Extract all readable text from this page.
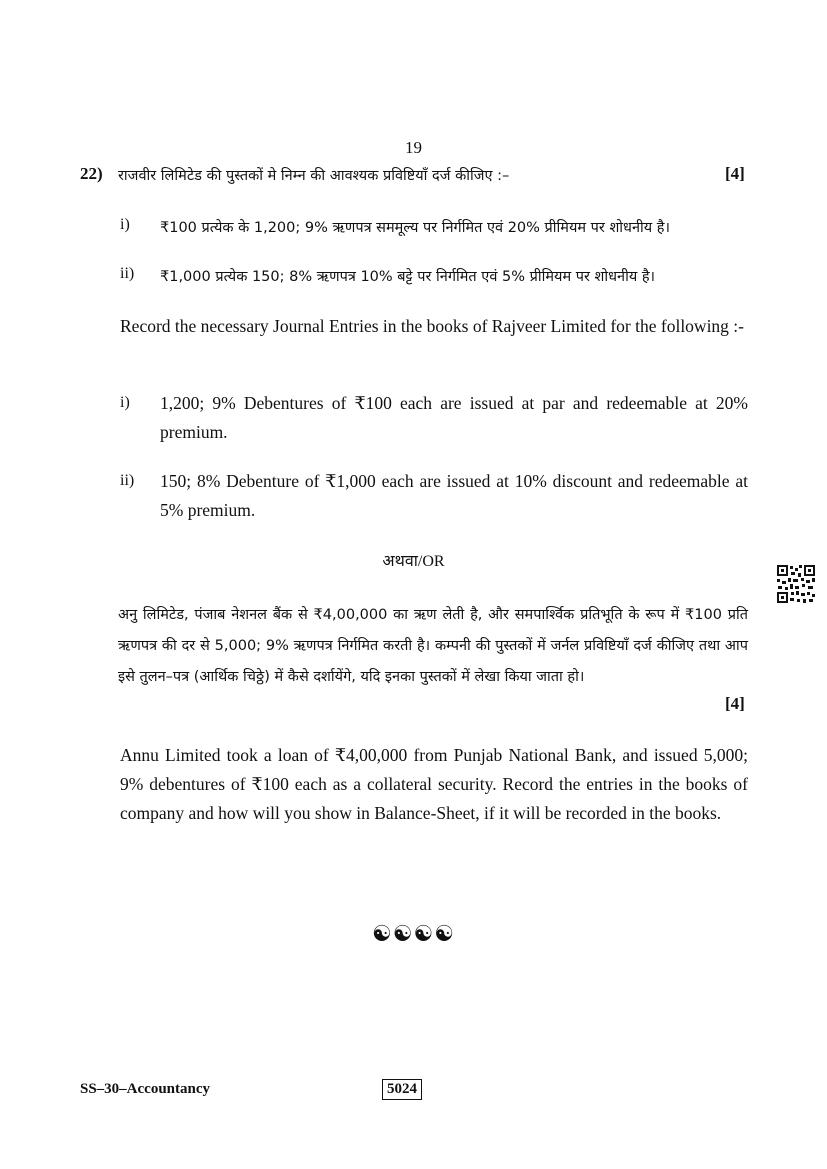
19
22) राजवीर लिमिटेड की पुस्तकों मे निम्न की आवश्यक प्रविष्टियाँ दर्ज कीजिए :–	[4]
i) ₹100 प्रत्येक के 1,200; 9% ऋणपत्र सममूल्य पर निर्गमित एवं 20% प्रीमियम पर शोधनीय है।
ii) ₹1,000 प्रत्येक 150; 8% ऋणपत्र 10% बट्टे पर निर्गमित एवं 5% प्रीमियम पर शोधनीय है।
Record the necessary Journal Entries in the books of Rajveer Limited for the following :-
i) 1,200; 9% Debentures of ₹100 each are issued at par and redeemable at 20% premium.
ii) 150; 8% Debenture of ₹1,000 each are issued at 10% discount and redeemable at 5% premium.
अथवा/OR
अनु लिमिटेड, पंजाब नेशनल बैंक से ₹4,00,000 का ऋण लेती है, और समपार्श्विक प्रतिभूति के रूप में ₹100 प्रति ऋणपत्र की दर से 5,000; 9% ऋणपत्र निर्गमित करती है। कम्पनी की पुस्तकों में जर्नल प्रविष्टियाँ दर्ज कीजिए तथा आप इसे तुलन–पत्र (आर्थिक चिठ्ठे) में कैसे दर्शायेंगे, यदि इनका पुस्तकों में लेखा किया जाता हो।
[4]
Annu Limited took a loan of ₹4,00,000 from Punjab National Bank, and issued 5,000; 9% debentures of ₹100 each as a collateral security. Record the entries in the books of company and how will you show in Balance-Sheet, if it will be recorded in the books.
☯☯☯☯
SS–30–Accountancy	5024
